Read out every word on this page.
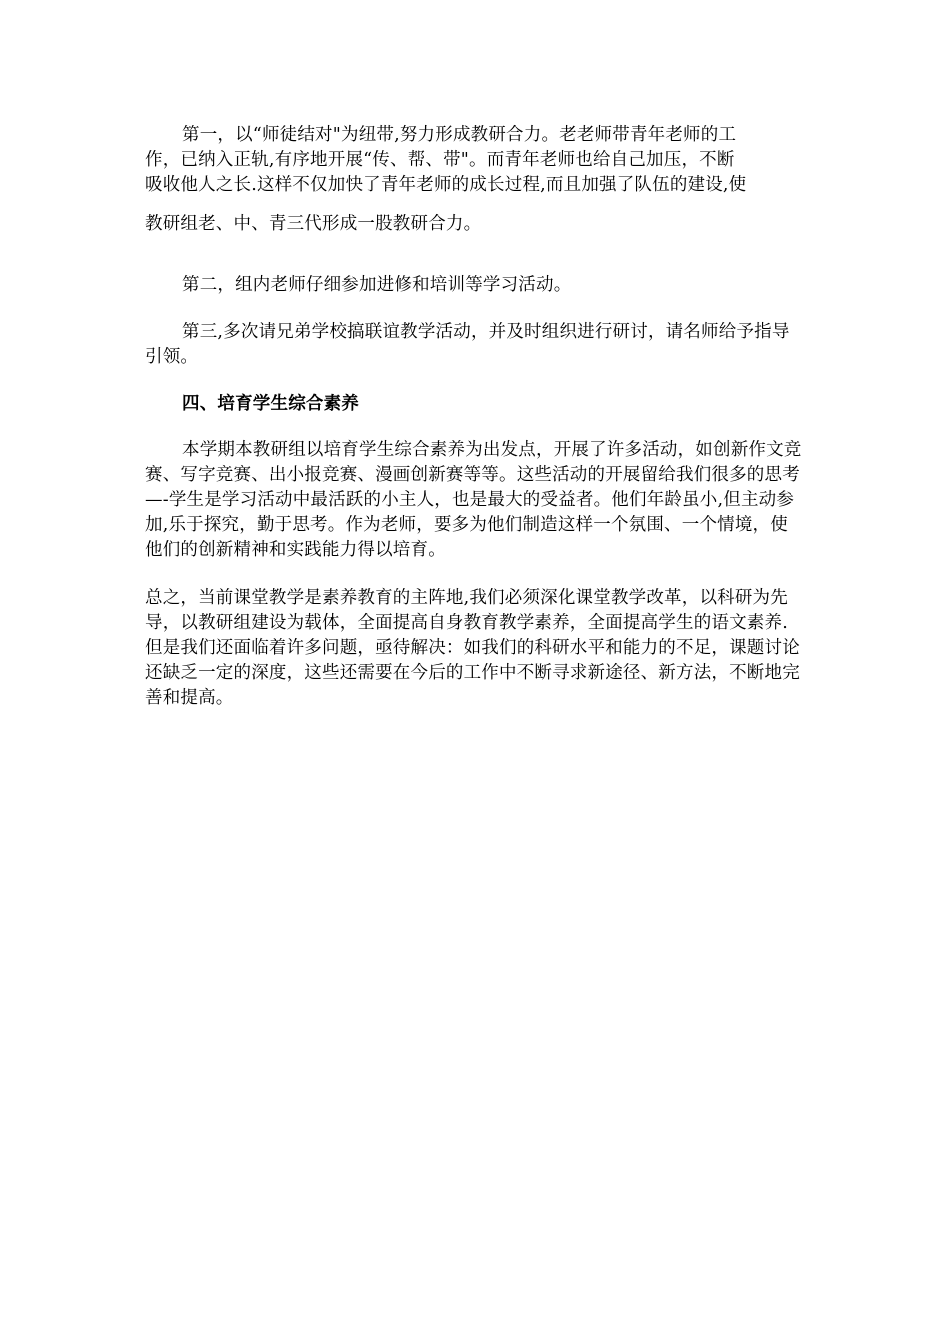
第一，以“师徒结对"为纽带,努力形成教研合力。老老师带青年老师的工
作，已纳入正轨,有序地开展“传、帮、带"。而青年老师也给自己加压，不断
吸收他人之长.这样不仅加快了青年老师的成长过程,而且加强了队伍的建设,使
教研组老、中、青三代形成一股教研合力。

第二，组内老师仔细参加进修和培训等学习活动。

第三,多次请兄弟学校搞联谊教学活动，并及时组织进行研讨，请名师给予指导引领。

四、培育学生综合素养

本学期本教研组以培育学生综合素养为出发点，开展了许多活动，如创新作文竞赛、写字竞赛、出小报竞赛、漫画创新赛等等。这些活动的开展留给我们很多的思考—-学生是学习活动中最活跃的小主人，也是最大的受益者。他们年龄虽小,但主动参加,乐于探究，勤于思考。作为老师，要多为他们制造这样一个氛围、一个情境，使他们的创新精神和实践能力得以培育。

总之，当前课堂教学是素养教育的主阵地,我们必须深化课堂教学改革，以科研为先导，以教研组建设为载体，全面提高自身教育教学素养，全面提高学生的语文素养.但是我们还面临着许多问题，亟待解决：如我们的科研水平和能力的不足，课题讨论还缺乏一定的深度，这些还需要在今后的工作中不断寻求新途径、新方法，不断地完善和提高。
